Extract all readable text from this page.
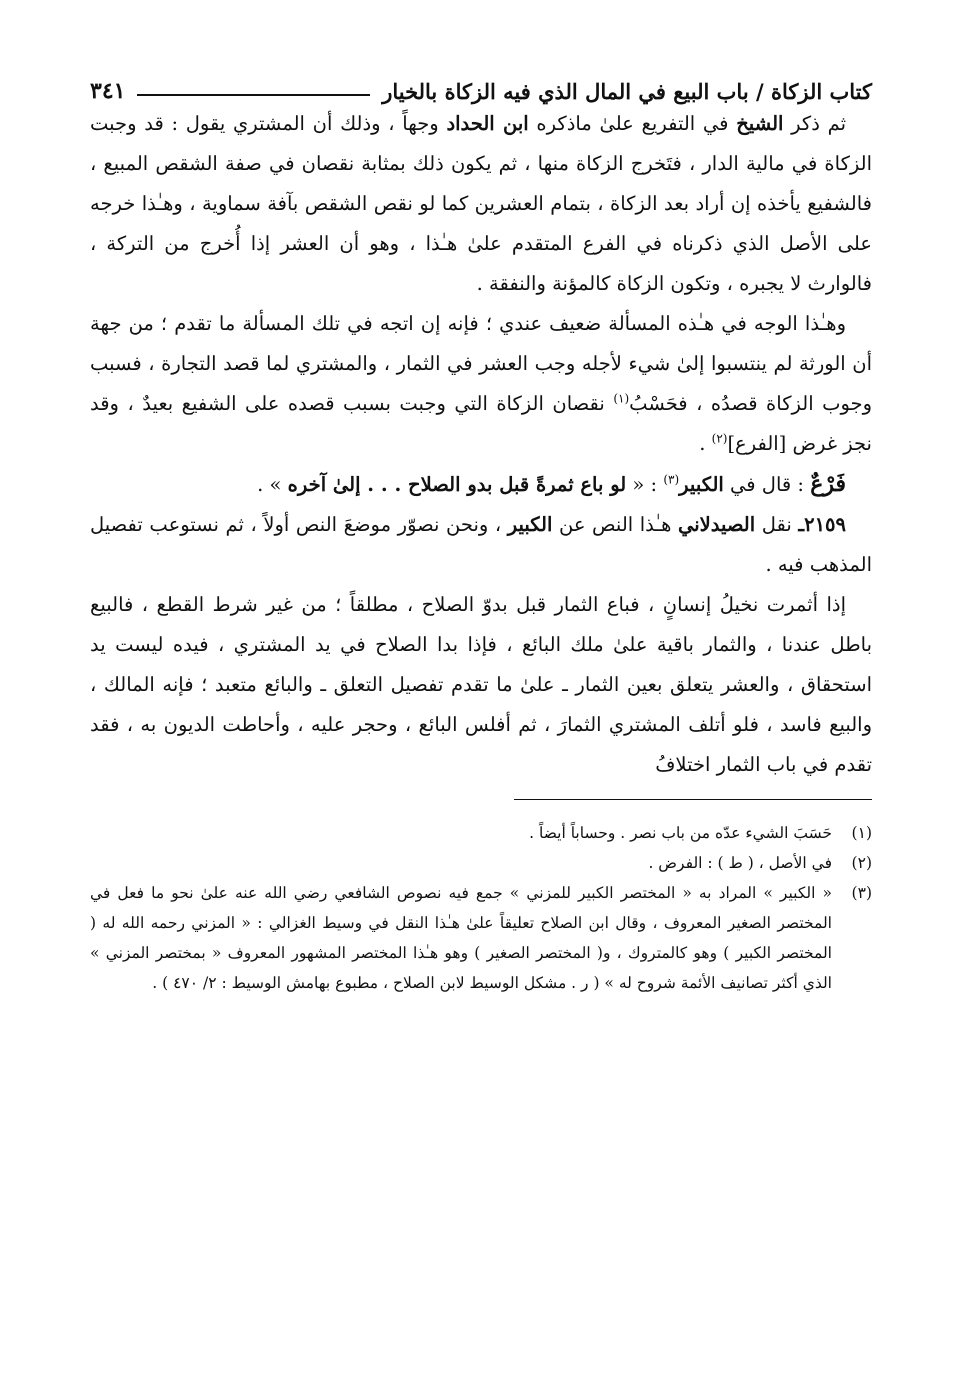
كتاب الزكاة / باب البيع في المال الذي فيه الزكاة بالخيار
٣٤١

ثم ذكر الشيخ في التفريع علىٰ ماذكره ابن الحداد وجهاً ، وذلك أن المشتري يقول : قد وجبت الزكاة في مالية الدار ، فتَخرج الزكاة منها ، ثم يكون ذلك بمثابة نقصان في صفة الشقص المبيع ، فالشفيع يأخذه إن أراد بعد الزكاة ، بتمام العشرين كما لو نقص الشقص بآفة سماوية ، وهـٰذا خرجه على الأصل الذي ذكرناه في الفرع المتقدم علىٰ هـٰذا ، وهو أن العشر إذا أُخرج من التركة ، فالوارث لا يجبره ، وتكون الزكاة كالمؤنة والنفقة .

وهـٰذا الوجه في هـٰذه المسألة ضعيف عندي ؛ فإنه إن اتجه في تلك المسألة ما تقدم ؛ من جهة أن الورثة لم ينتسبوا إلىٰ شيء لأجله وجب العشر في الثمار ، والمشتري لما قصد التجارة ، فسبب وجوب الزكاة قصدُه ، فحَسْبُ$^{(١)}$ نقصان الزكاة التي وجبت بسبب قصده على الشفيع بعيدٌ ، وقد نجز غرض [الفرع]$^{(٢)}$ .

فَرْعٌ : قال في الكبير$^{(٣)}$ : « لو باع ثمرةً قبل بدو الصلاح . . . إلىٰ آخره » .

٢١٥٩ـ نقل الصيدلاني هـٰذا النص عن الكبير ، ونحن نصوّر موضعَ النص أولاً ، ثم نستوعب تفصيل المذهب فيه .

إذا أثمرت نخيلُ إنسانٍ ، فباع الثمار قبل بدوّ الصلاح ، مطلقاً ؛ من غير شرط القطع ، فالبيع باطل عندنا ، والثمار باقية علىٰ ملك البائع ، فإذا بدا الصلاح في يد المشتري ، فيده ليست يد استحقاق ، والعشر يتعلق بعين الثمار ـ علىٰ ما تقدم تفصيل التعلق ـ والبائع متعبد ؛ فإنه المالك ، والبيع فاسد ، فلو أتلف المشتري الثمارَ ، ثم أفلس البائع ، وحجر عليه ، وأحاطت الديون به ، فقد تقدم في باب الثمار اختلافُ

(١)
حَسَبَ الشيء عدّه من باب نصر . وحساباً أيضاً .
(٢)
في الأصل ، ( ط ) : الفرض .
(٣)
« الكبير » المراد به « المختصر الكبير للمزني » جمع فيه نصوص الشافعي رضي الله عنه علىٰ نحو ما فعل في المختصر الصغير المعروف ، وقال ابن الصلاح تعليقاً علىٰ هـٰذا النقل في وسيط الغزالي : « المزني رحمه الله له ( المختصر الكبير ) وهو كالمتروك ، و( المختصر الصغير ) وهو هـٰذا المختصر المشهور المعروف « بمختصر المزني » الذي أكثر تصانيف الأئمة شروح له » ( ر . مشكل الوسيط لابن الصلاح ، مطبوع بهامش الوسيط : ٢/ ٤٧٠ ) .
